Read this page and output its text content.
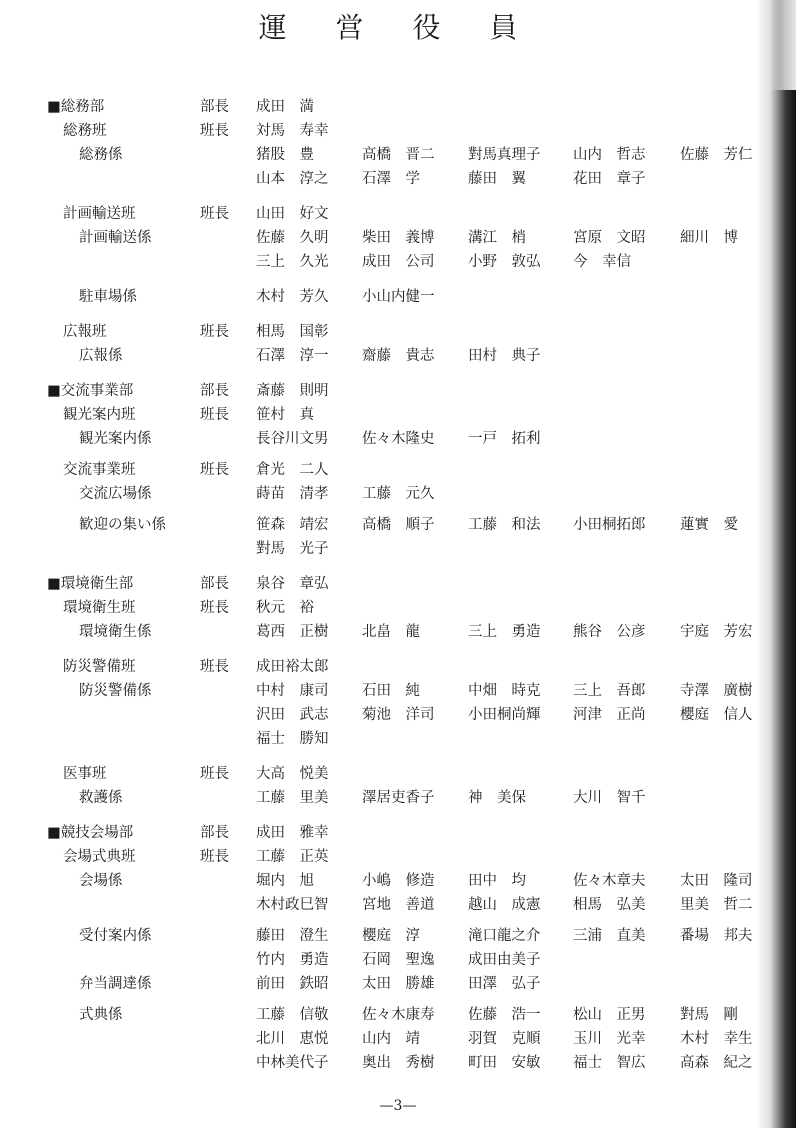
運 営 役 員
■総務部	部長 成田　満
総務班	班長 対馬　寿幸
総務係	猪股　豊	高橋　晋二 對馬真理子 山内　哲志 佐藤　芳仁
山本　淳之 石澤　学	藤田　翼	花田　章子
計画輸送班	班長 山田　好文
計画輸送係	佐藤　久明 柴田　義博 溝江　梢	宮原　文昭 細川　博
三上　久光 成田　公司 小野　敦弘 今　幸信
駐車場係	木村　芳久 小山内健一
広報班	班長 相馬　国彰
広報係	石澤　淳一 齋藤　貴志 田村　典子
■交流事業部	部長 斎藤　則明
観光案内班	班長 笹村　真
観光案内係	長谷川文男 佐々木隆史 一戸　拓利
交流事業班	班長 倉光　二人
交流広場係	蒔苗　清孝 工藤　元久
歓迎の集い係	笹森　靖宏 高橋　順子 工藤　和法 小田桐拓郎 蓮實　愛
對馬　光子
■環境衛生部	部長 泉谷　章弘
環境衛生班	班長 秋元　裕
環境衛生係	葛西　正樹 北畠　龍	三上　勇造 熊谷　公彦 宇庭　芳宏
防災警備班	班長 成田裕太郎
防災警備係	中村　康司 石田　純	中畑　時克 三上　吾郎 寺澤　廣樹
沢田　武志 菊池　洋司 小田桐尚輝 河津　正尚 櫻庭　信人
福士　勝知
医事班	班長 大高　悦美
救護係	工藤　里美 澤居吏香子 神　美保	大川　智千
■競技会場部	部長 成田　雅幸
会場式典班	班長 工藤　正英
会場係	堀内　旭	小嶋　修造 田中　均	佐々木章夫 太田　隆司
木村政巳智 宮地　善道 越山　成憲 相馬　弘美 里美　哲二
受付案内係	藤田　澄生 櫻庭　淳	滝口龍之介 三浦　直美 番場　邦夫
竹内　勇造 石岡　聖逸 成田由美子
弁当調達係	前田　鉄昭 太田　勝雄 田澤　弘子
式典係	工藤　信敬 佐々木康寿 佐藤　浩一 松山　正男 對馬　剛
北川　恵悦 山内　靖	羽賀　克順 玉川　光幸 木村　幸生
中林美代子 奥出　秀樹 町田　安敏 福士　智広 高森　紀之
—3—
